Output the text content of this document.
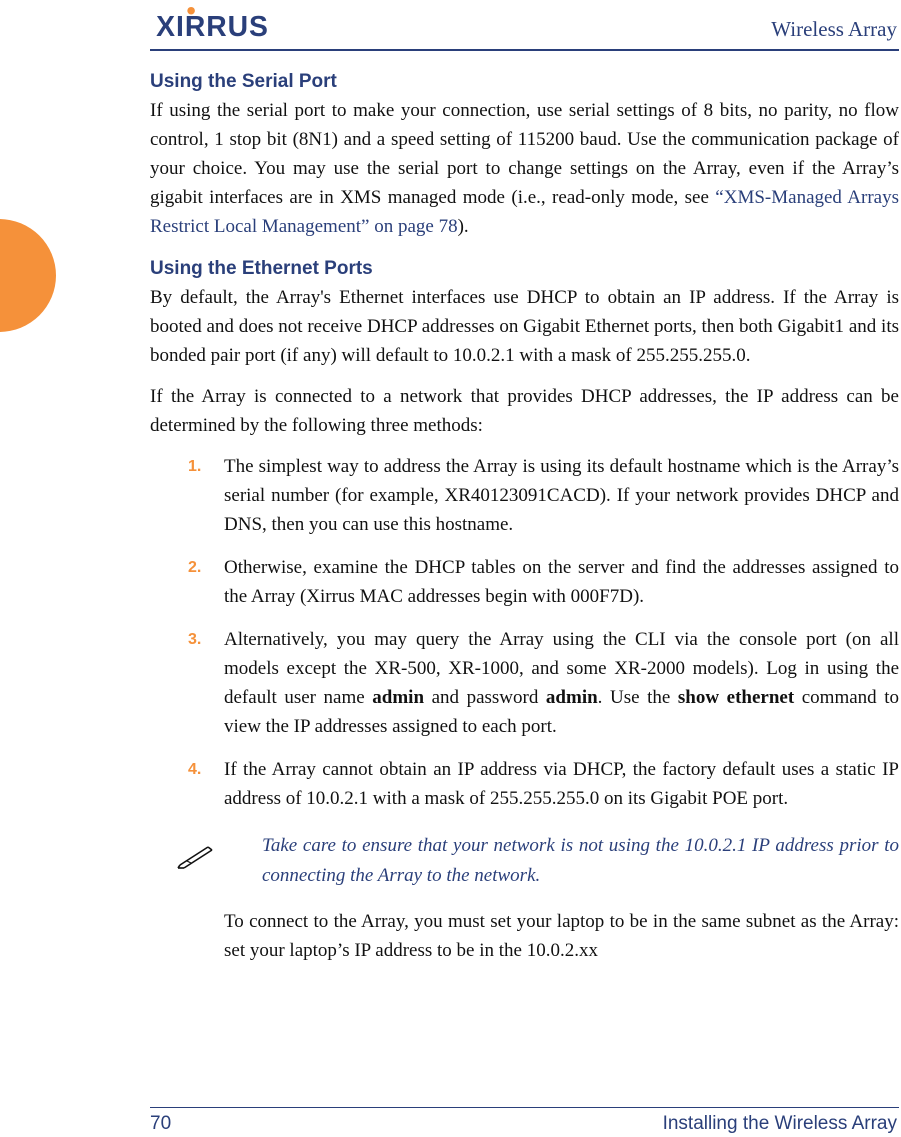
XIRRUS	Wireless Array
Using the Serial Port

If using the serial port to make your connection, use serial settings of 8 bits, no parity, no flow control, 1 stop bit (8N1) and a speed setting of 115200 baud. Use the communication package of your choice. You may use the serial port to change settings on the Array, even if the Array’s gigabit interfaces are in XMS managed mode (i.e., read-only mode, see “XMS-Managed Arrays Restrict Local Management” on page 78).

Using the Ethernet Ports

By default, the Array's Ethernet interfaces use DHCP to obtain an IP address. If the Array is booted and does not receive DHCP addresses on Gigabit Ethernet ports, then both Gigabit1 and its bonded pair port (if any) will default to 10.0.2.1 with a mask of 255.255.255.0.

If the Array is connected to a network that provides DHCP addresses, the IP address can be determined by the following three methods:

1. The simplest way to address the Array is using its default hostname which is the Array’s serial number (for example, XR40123091CACD). If your network provides DHCP and DNS, then you can use this hostname.
2. Otherwise, examine the DHCP tables on the server and find the addresses assigned to the Array (Xirrus MAC addresses begin with 000F7D).
3. Alternatively, you may query the Array using the CLI via the console port (on all models except the XR-500, XR-1000, and some XR-2000 models). Log in using the default user name admin and password admin. Use the show ethernet command to view the IP addresses assigned to each port.
4. If the Array cannot obtain an IP address via DHCP, the factory default uses a static IP address of 10.0.2.1 with a mask of 255.255.255.0 on its Gigabit POE port.
Take care to ensure that your network is not using the 10.0.2.1 IP address prior to connecting the Array to the network.

To connect to the Array, you must set your laptop to be in the same subnet as the Array: set your laptop’s IP address to be in the 10.0.2.xx

70	Installing the Wireless Array
